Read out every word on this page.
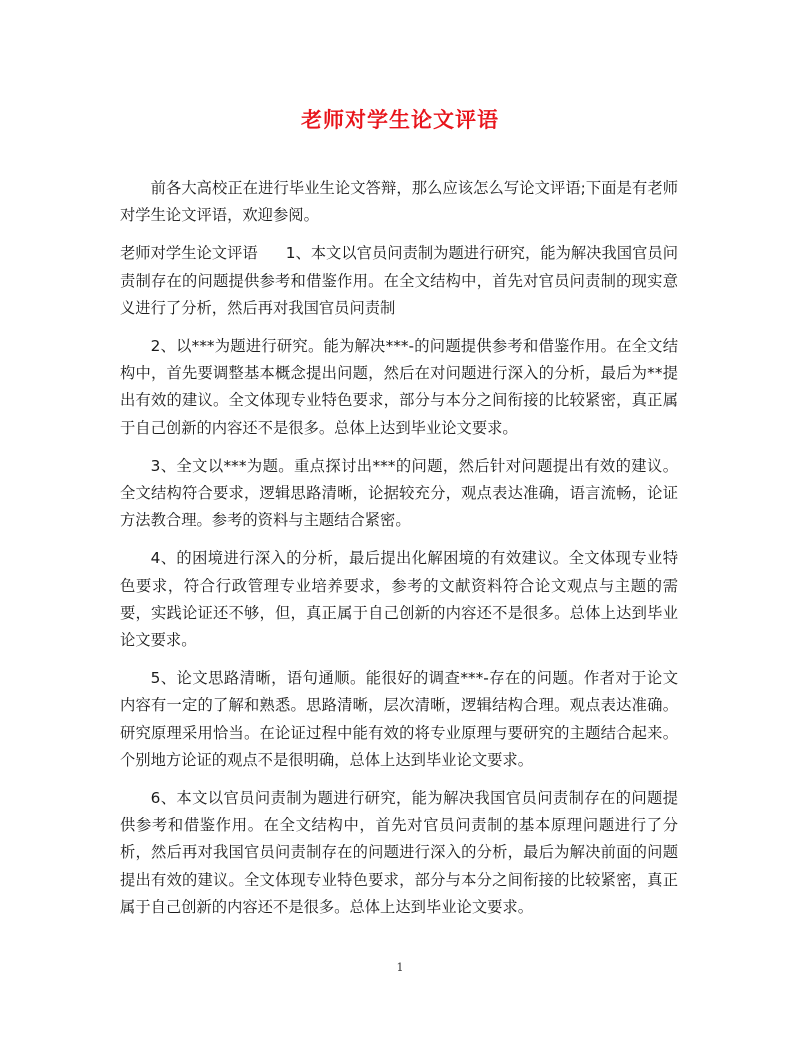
老师对学生论文评语

前各大高校正在进行毕业生论文答辩，那么应该怎么写论文评语;下面是有老师对学生论文评语，欢迎参阅。

老师对学生论文评语 1、本文以官员问责制为题进行研究，能为解决我国官员问责制存在的问题提供参考和借鉴作用。在全文结构中，首先对官员问责制的现实意义进行了分析，然后再对我国官员问责制

2、以***为题进行研究。能为解决***-的问题提供参考和借鉴作用。在全文结构中，首先要调整基本概念提出问题，然后在对问题进行深入的分析，最后为**提出有效的建议。全文体现专业特色要求，部分与本分之间衔接的比较紧密，真正属于自己创新的内容还不是很多。总体上达到毕业论文要求。

3、全文以***为题。重点探讨出***的问题，然后针对问题提出有效的建议。全文结构符合要求，逻辑思路清晰，论据较充分，观点表达准确，语言流畅，论证方法教合理。参考的资料与主题结合紧密。

4、的困境进行深入的分析，最后提出化解困境的有效建议。全文体现专业特色要求，符合行政管理专业培养要求，参考的文献资料符合论文观点与主题的需要，实践论证还不够，但，真正属于自己创新的内容还不是很多。总体上达到毕业论文要求。

5、论文思路清晰，语句通顺。能很好的调查***-存在的问题。作者对于论文内容有一定的了解和熟悉。思路清晰，层次清晰，逻辑结构合理。观点表达准确。研究原理采用恰当。在论证过程中能有效的将专业原理与要研究的主题结合起来。个别地方论证的观点不是很明确，总体上达到毕业论文要求。

6、本文以官员问责制为题进行研究，能为解决我国官员问责制存在的问题提供参考和借鉴作用。在全文结构中，首先对官员问责制的基本原理问题进行了分析，然后再对我国官员问责制存在的问题进行深入的分析，最后为解决前面的问题提出有效的建议。全文体现专业特色要求，部分与本分之间衔接的比较紧密，真正属于自己创新的内容还不是很多。总体上达到毕业论文要求。

1
